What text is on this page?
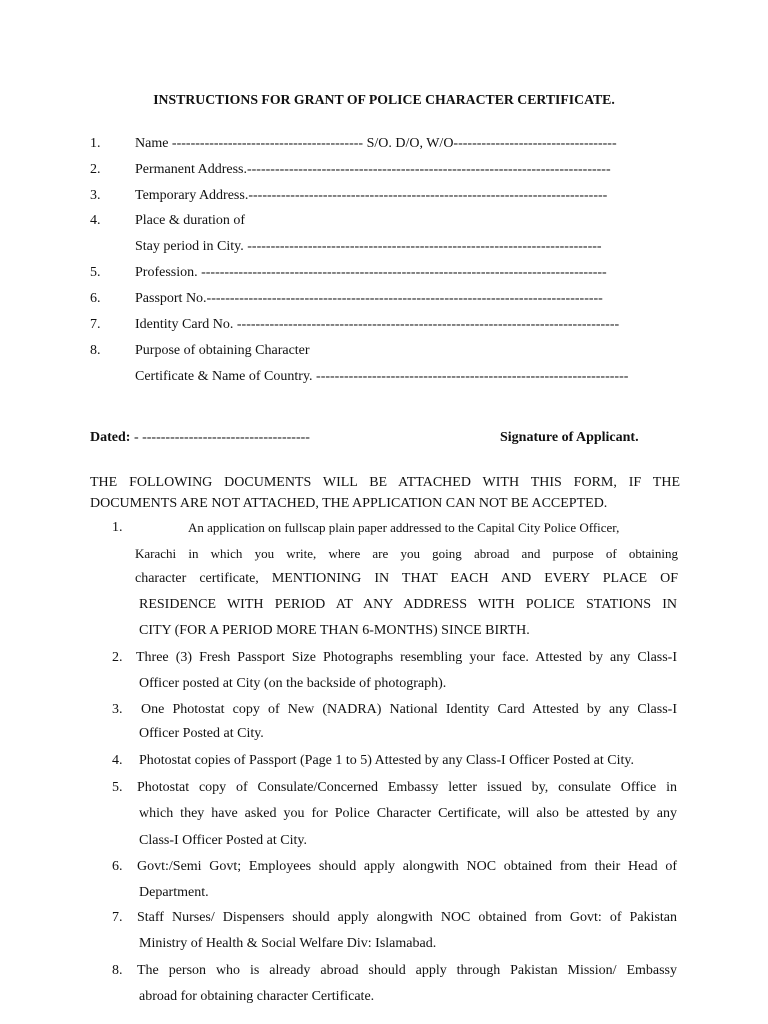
INSTRUCTIONS FOR GRANT OF POLICE CHARACTER CERTIFICATE.
1. Name ----------------------------------------- S/O. D/O, W/O-----------------------------------
2. Permanent Address.------------------------------------------------------------------------------
3. Temporary Address.-----------------------------------------------------------------------------
4. Place & duration of
Stay period in City. ----------------------------------------------------------------------------
5. Profession. ---------------------------------------------------------------------------------------
6. Passport No.-------------------------------------------------------------------------------------
7. Identity Card No. ----------------------------------------------------------------------------------
8. Purpose of obtaining Character
Certificate & Name of Country. -------------------------------------------------------------------
Dated: - ------------------------------------	Signature of Applicant.
THE FOLLOWING DOCUMENTS WILL BE ATTACHED WITH THIS FORM, IF THE DOCUMENTS ARE NOT ATTACHED, THE APPLICATION CAN NOT BE ACCEPTED.
1.	An application on fullscap plain paper addressed to the Capital City Police Officer,
Karachi in which you write, where are you going abroad and purpose of obtaining
character certificate, MENTIONING IN THAT EACH AND EVERY PLACE OF
RESIDENCE WITH PERIOD AT ANY ADDRESS WITH POLICE STATIONS IN
CITY (FOR A PERIOD MORE THAN 6-MONTHS) SINCE BIRTH.
2. Three (3) Fresh Passport Size Photographs resembling your face. Attested by any Class-I
Officer posted at City (on the backside of photograph).
3. One Photostat copy of New (NADRA) National Identity Card Attested by any Class-I
Officer Posted at City.
4. Photostat copies of Passport (Page 1 to 5) Attested by any Class-I Officer Posted at City.
5. Photostat copy of Consulate/Concerned Embassy letter issued by, consulate Office in
which they have asked you for Police Character Certificate, will also be attested by any
Class-I Officer Posted at City.
6. Govt:/Semi Govt; Employees should apply alongwith NOC obtained from their Head of
Department.
7. Staff Nurses/ Dispensers should apply alongwith NOC obtained from Govt: of Pakistan
Ministry of Health & Social Welfare Div: Islamabad.
8. The person who is already abroad should apply through Pakistan Mission/ Embassy
abroad for obtaining character Certificate.
